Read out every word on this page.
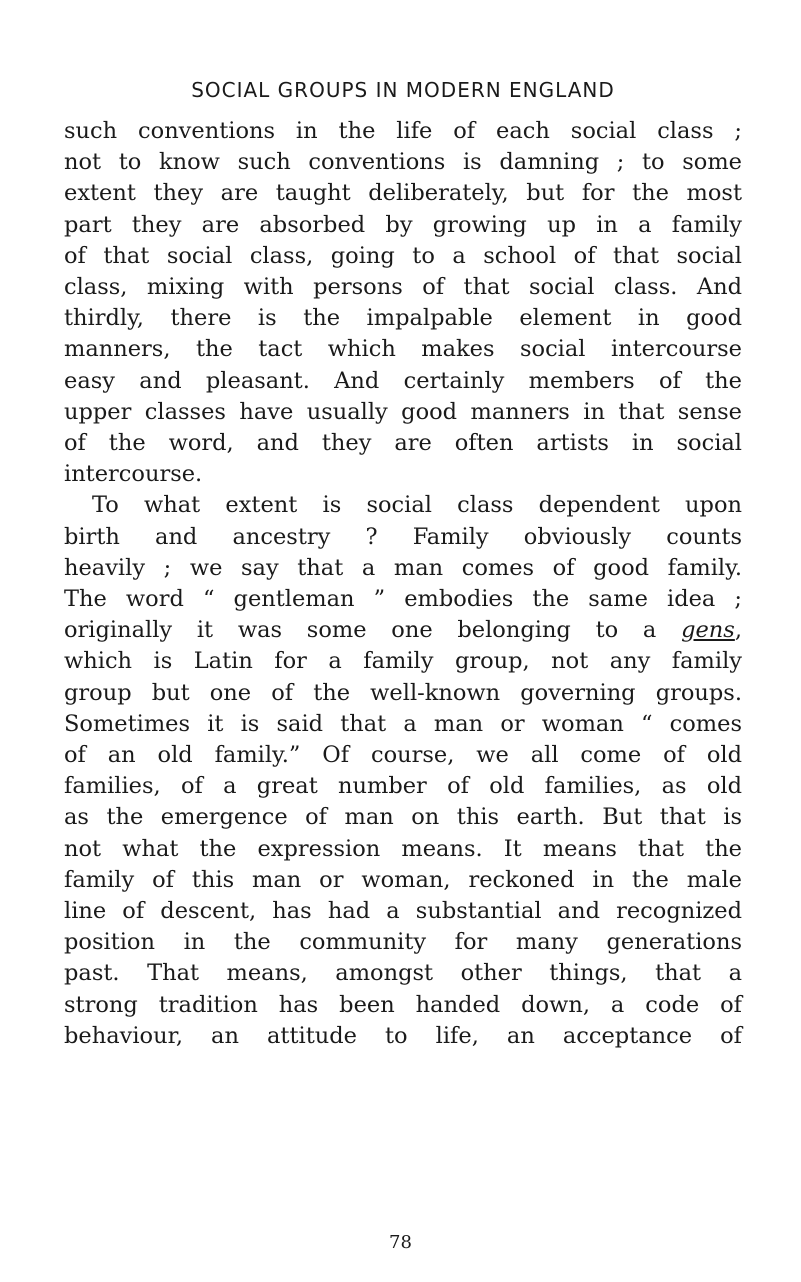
SOCIAL GROUPS IN MODERN ENGLAND
such conventions in the life of each social class ;
not to know such conventions is damning ; to some
extent they are taught deliberately, but for the most
part they are absorbed by growing up in a family
of that social class, going to a school of that social
class, mixing with persons of that social class. And
thirdly, there is the impalpable element in good
manners, the tact which makes social intercourse
easy and pleasant. And certainly members of the
upper classes have usually good manners in that sense
of the word, and they are often artists in social
intercourse.
To what extent is social class dependent upon
birth and ancestry ? Family obviously counts
heavily ; we say that a man comes of good family.
The word “ gentleman ” embodies the same idea ;
originally it was some one belonging to a gens,
which is Latin for a family group, not any family
group but one of the well-known governing groups.
Sometimes it is said that a man or woman “ comes
of an old family.” Of course, we all come of old
families, of a great number of old families, as old
as the emergence of man on this earth. But that is
not what the expression means. It means that the
family of this man or woman, reckoned in the male
line of descent, has had a substantial and recognized
position in the community for many generations
past. That means, amongst other things, that a
strong tradition has been handed down, a code of
behaviour, an attitude to life, an acceptance of
78
